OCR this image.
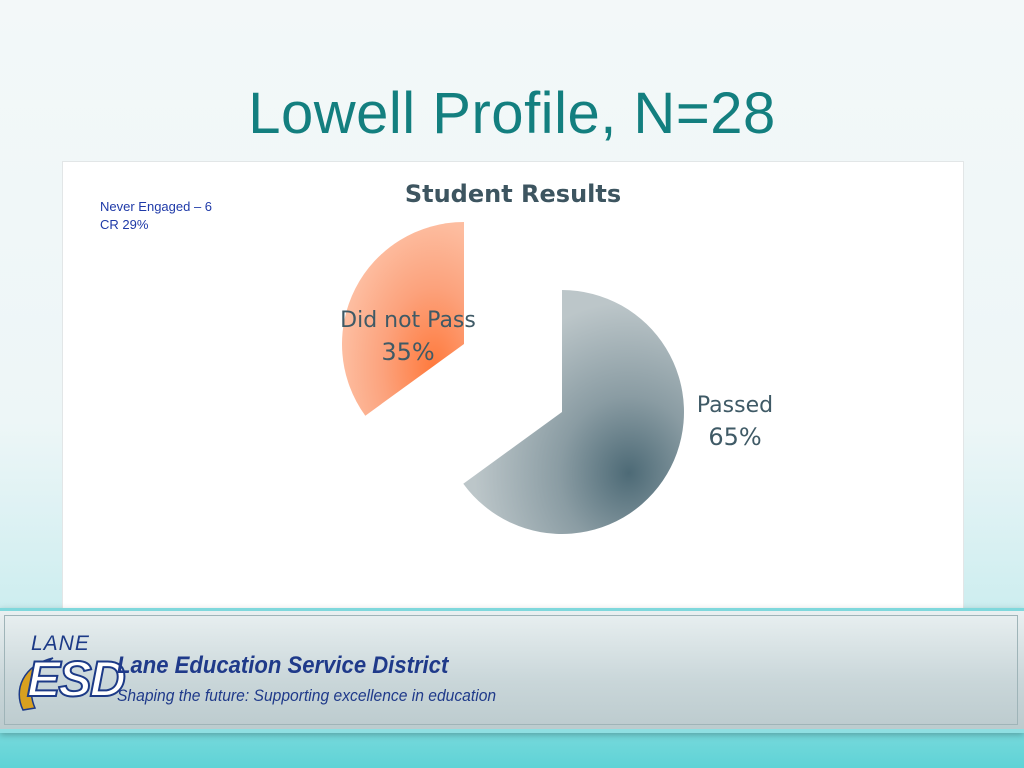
Lowell Profile, N=28
Never Engaged – 6
CR 29%
Student Results
Passed
65%
Did not Pass
35%
LANE
ESD
Lane Education Service District
Shaping the future: Supporting excellence in education
